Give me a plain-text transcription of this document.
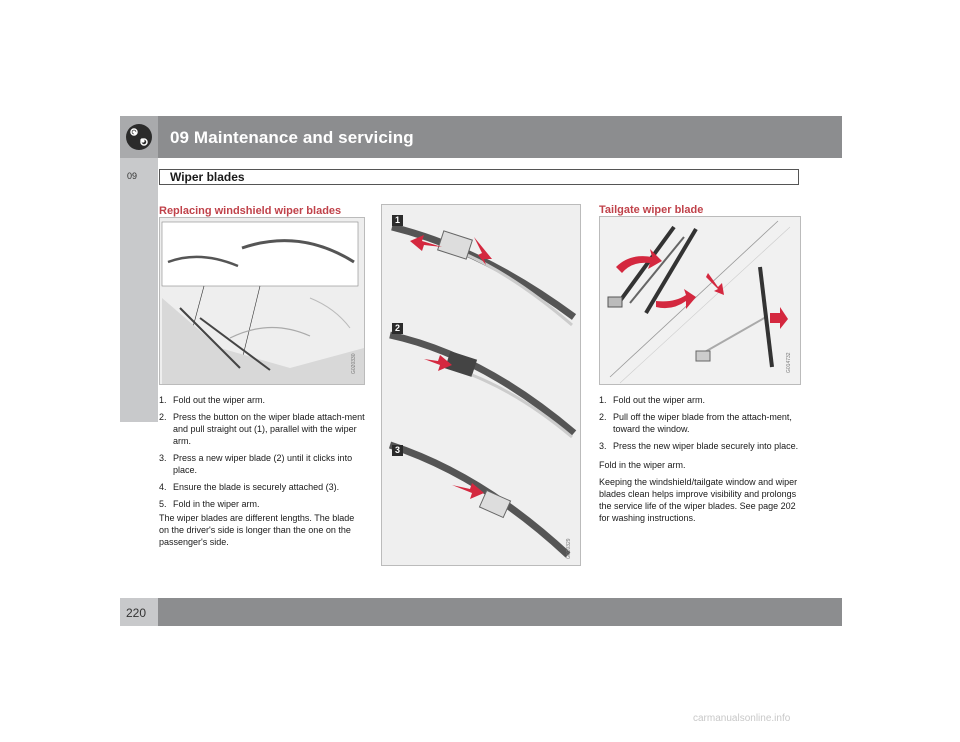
09 Maintenance and servicing
09	Wiper blades
Replacing windshield wiper blades
G020330
1. Fold out the wiper arm.
2. Press the button on the wiper blade attach-ment and pull straight out (1), parallel with the wiper arm.
3. Press a new wiper blade (2) until it clicks into place.
4. Ensure the blade is securely attached (3).
5. Fold in the wiper arm.

The wiper blades are different lengths. The blade on the driver's side is longer than the one on the passenger's side.

1
2
3
G020329
Tailgate wiper blade
G014732
1. Fold out the wiper arm.
2. Pull off the wiper blade from the attach-ment, toward the window.
3. Press the new wiper blade securely into place.

Fold in the wiper arm.

Keeping the windshield/tailgate window and wiper blades clean helps improve visibility and prolongs the service life of the wiper blades. See page 202 for washing instructions.

220
carmanualsonline.info
